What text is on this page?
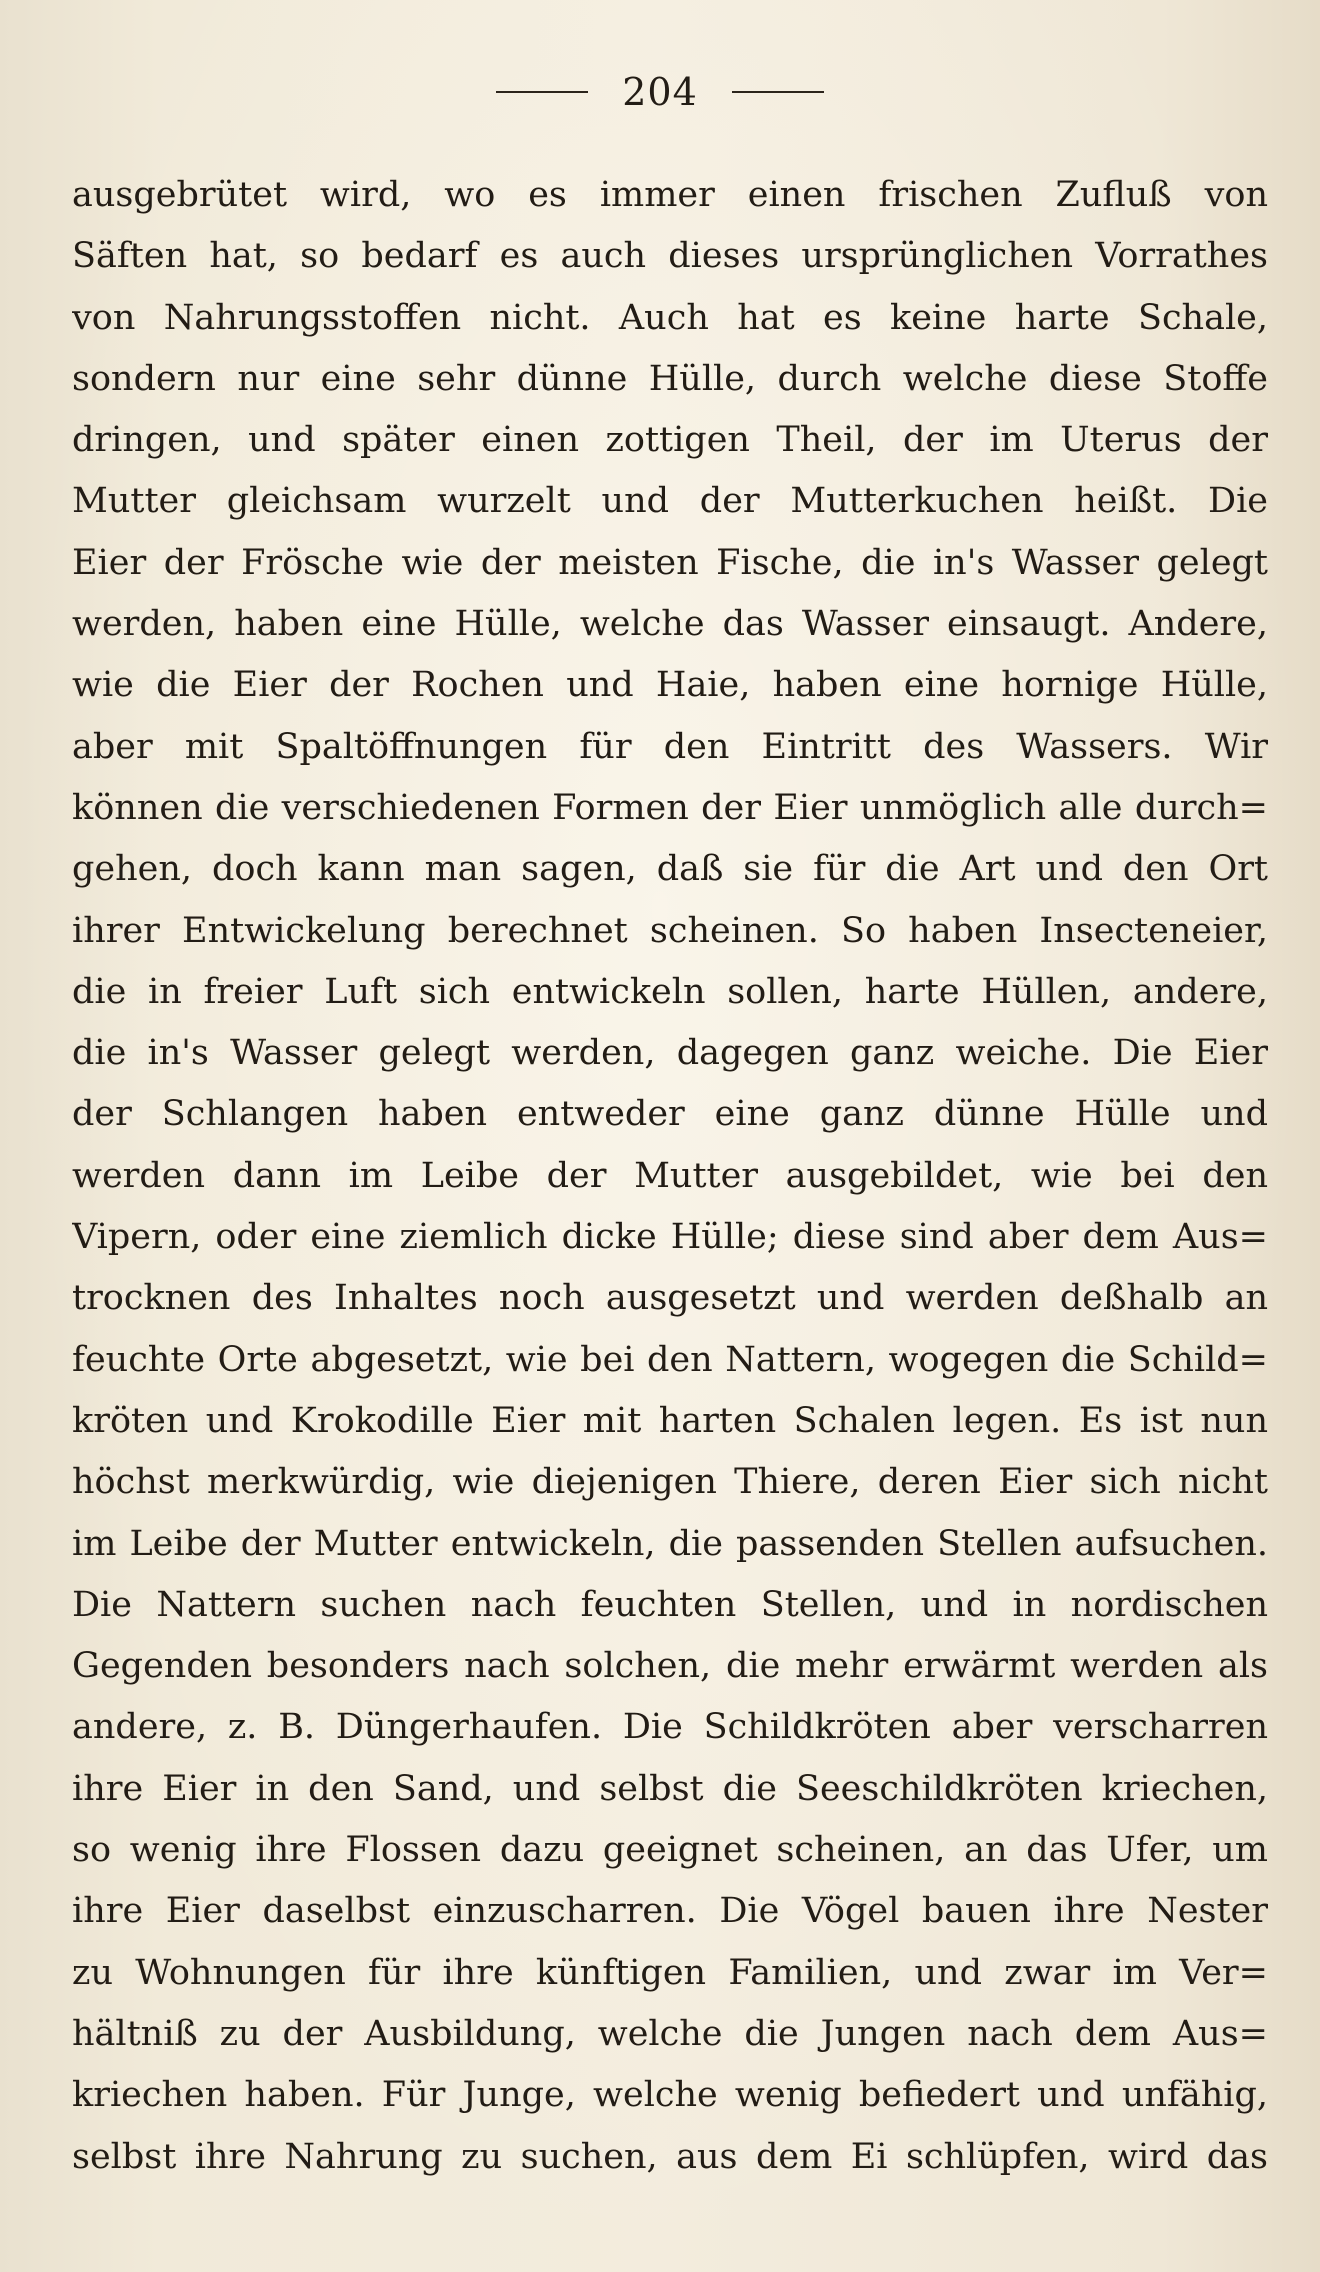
204
ausgebrütet wird, wo es immer einen frischen Zufluß von
Säften hat, so bedarf es auch dieses ursprünglichen Vorrathes
von Nahrungsstoffen nicht. Auch hat es keine harte Schale,
sondern nur eine sehr dünne Hülle, durch welche diese Stoffe
dringen, und später einen zottigen Theil, der im Uterus der
Mutter gleichsam wurzelt und der Mutterkuchen heißt. Die
Eier der Frösche wie der meisten Fische, die in's Wasser gelegt
werden, haben eine Hülle, welche das Wasser einsaugt. Andere,
wie die Eier der Rochen und Haie, haben eine hornige Hülle,
aber mit Spaltöffnungen für den Eintritt des Wassers. Wir
können die verschiedenen Formen der Eier unmöglich alle durch=
gehen, doch kann man sagen, daß sie für die Art und den Ort
ihrer Entwickelung berechnet scheinen. So haben Insecteneier,
die in freier Luft sich entwickeln sollen, harte Hüllen, andere,
die in's Wasser gelegt werden, dagegen ganz weiche. Die Eier
der Schlangen haben entweder eine ganz dünne Hülle und
werden dann im Leibe der Mutter ausgebildet, wie bei den
Vipern, oder eine ziemlich dicke Hülle; diese sind aber dem Aus=
trocknen des Inhaltes noch ausgesetzt und werden deßhalb an
feuchte Orte abgesetzt, wie bei den Nattern, wogegen die Schild=
kröten und Krokodille Eier mit harten Schalen legen. Es ist nun
höchst merkwürdig, wie diejenigen Thiere, deren Eier sich nicht
im Leibe der Mutter entwickeln, die passenden Stellen aufsuchen.
Die Nattern suchen nach feuchten Stellen, und in nordischen
Gegenden besonders nach solchen, die mehr erwärmt werden als
andere, z. B. Düngerhaufen. Die Schildkröten aber verscharren
ihre Eier in den Sand, und selbst die Seeschildkröten kriechen,
so wenig ihre Flossen dazu geeignet scheinen, an das Ufer, um
ihre Eier daselbst einzuscharren. Die Vögel bauen ihre Nester
zu Wohnungen für ihre künftigen Familien, und zwar im Ver=
hältniß zu der Ausbildung, welche die Jungen nach dem Aus=
kriechen haben. Für Junge, welche wenig befiedert und unfähig,
selbst ihre Nahrung zu suchen, aus dem Ei schlüpfen, wird das
